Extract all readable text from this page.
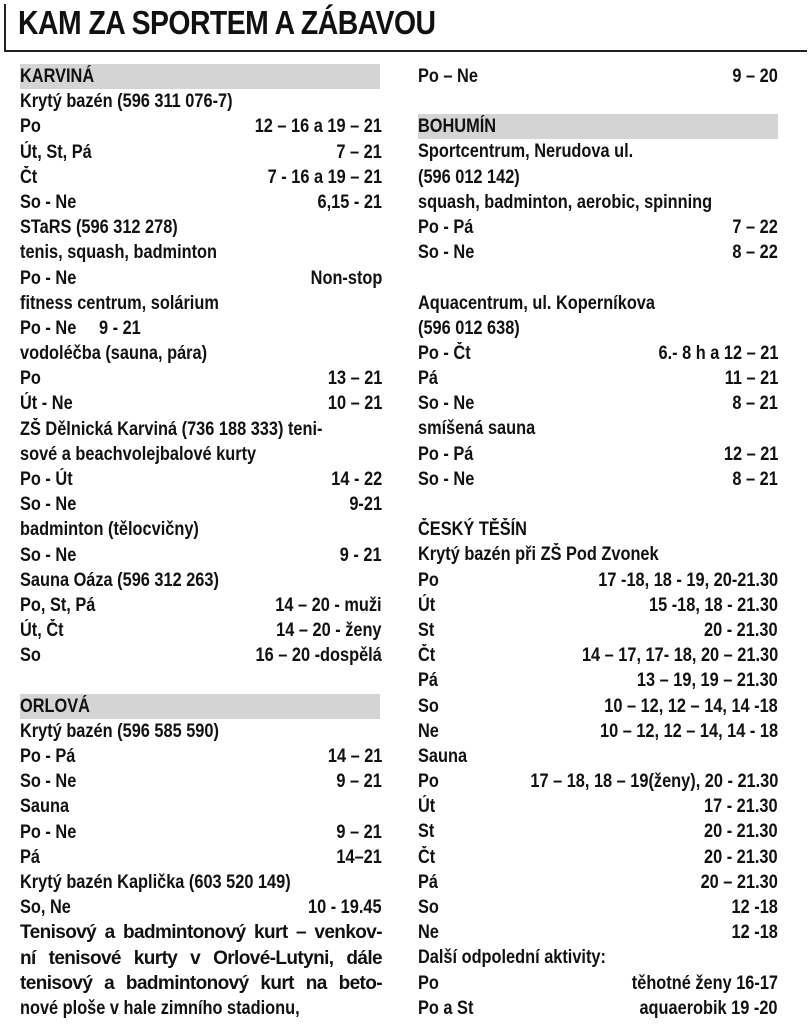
KAM ZA SPORTEM A ZÁBAVOU
KARVINÁ
Krytý bazén (596 311 076-7)
Po	12 – 16 a 19 – 21
Út, St, Pá	7 – 21
Čt	7 - 16 a 19 – 21
So - Ne	6,15 - 21
STaRS (596 312 278)
tenis, squash, badminton
Po - Ne	Non-stop
fitness centrum, solárium
Po - Ne     9 - 21
vodoléčba (sauna, pára)
Po	13 – 21
Út - Ne	10 – 21
ZŠ Dělnická Karviná (736 188 333) teni-
sové a beachvolejbalové kurty
Po - Út	14 - 22
So - Ne	9-21
badminton (tělocvičny)
So - Ne	9 - 21
Sauna Oáza (596 312 263)
Po, St, Pá	14 – 20 - muži
Út, Čt	14 – 20 - ženy
So	16 – 20 -dospělá
ORLOVÁ
Krytý bazén (596 585 590)
Po - Pá	14 – 21
So - Ne	9 – 21
Sauna
Po - Ne	9 – 21
Pá	14–21
Krytý bazén Kaplička (603 520 149)
So, Ne	10 - 19.45
Tenisový a badmintonový kurt – venkov-
ní tenisové kurty v Orlové-Lutyni, dále
tenisový a badmintonový kurt na beto-
nové ploše v hale zimního stadionu,
Po – Ne	9 – 20
BOHUMÍN
Sportcentrum, Nerudova ul.
(596 012 142)
squash, badminton, aerobic, spinning
Po - Pá	7 – 22
So - Ne	8 – 22
Aquacentrum, ul. Koperníkova
(596 012 638)
Po - Čt	6.- 8 h a 12 – 21
Pá	11 – 21
So - Ne	8 – 21
smíšená sauna
Po - Pá	12 – 21
So - Ne	8 – 21
ČESKÝ TĚŠÍN
Krytý bazén při ZŠ Pod Zvonek
Po	17 -18, 18 - 19, 20-21.30
Út	15 -18, 18 - 21.30
St	20 - 21.30
Čt	14 – 17, 17- 18, 20 – 21.30
Pá	13 – 19, 19 – 21.30
So	10 – 12, 12 – 14, 14 -18
Ne	10 – 12, 12 – 14, 14 - 18
Sauna
Po	17 – 18, 18 – 19(ženy), 20 - 21.30
Út	17 - 21.30
St	20 - 21.30
Čt	20 - 21.30
Pá	20 – 21.30
So	12 -18
Ne	12 -18
Další odpolední aktivity:
Po	těhotné ženy 16-17
Po a St	aquaerobik 19 -20
